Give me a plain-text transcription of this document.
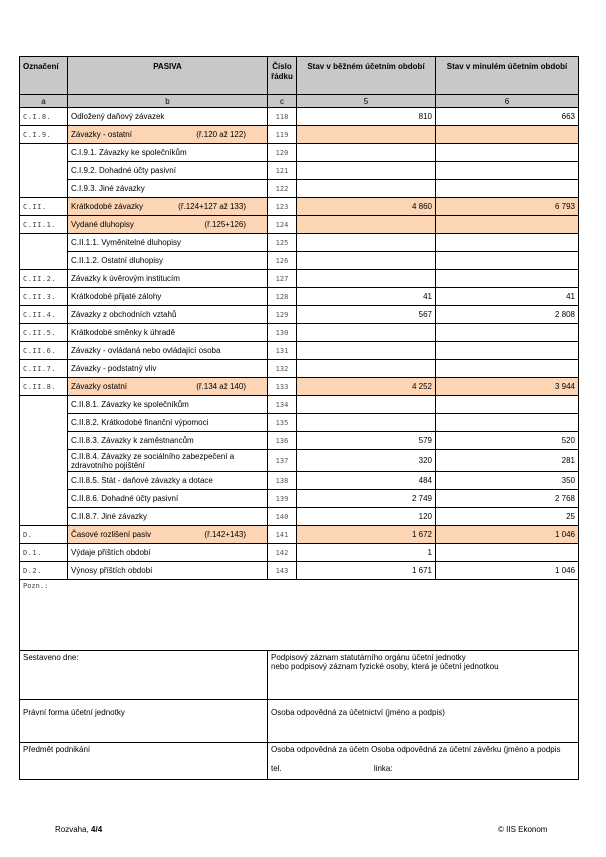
Označení	PASIVA	Číslo řádku	Stav v běžném účetním období	Stav v minulém účetním období
a	b	c	5	6
C.I.8.	Odložený daňový závazek	118	810	663
C.I.9.	Závazky - ostatní (ř.120 až 122)	119		

	C.I.9.1. Závazky ke společníkům	120		

	C.I.9.2. Dohadné účty pasivní	121		

	C.I.9.3. Jiné závazky	122		
C.II.	Krátkodobé závazky (ř.124+127 až 133)	123	4 860	6 793
C.II.1.	Vydané dluhopisy (ř.125+126)	124		

	C.II.1.1. Vyměnitelné dluhopisy	125		

	C.II.1.2. Ostatní dluhopisy	126		
C.II.2.	Závazky k úvěrovým institucím	127		
C.II.3.	Krátkodobé přijaté zálohy	128	41	41
C.II.4.	Závazky z obchodních vztahů	129	567	2 808
C.II.5.	Krátkodobé směnky k úhradě	130		
C.II.6.	Závazky - ovládaná nebo ovládající osoba	131		
C.II.7.	Závazky - podstatný vliv	132		
C.II.8.	Závazky ostatní (ř.134 až 140)	133	4 252	3 944

	C.II.8.1. Závazky ke společníkům	134		

	C.II.8.2. Krátkodobé finanční výpomoci	135		

	C.II.8.3. Závazky k zaměstnancům	136	579	520

	C.II.8.4. Závazky ze sociálního zabezpečení a zdravotního pojištění	137	320	281

	C.II.8.5. Stát - daňové závazky a dotace	138	484	350

	C.II.8.6. Dohadné účty pasivní	139	2 749	2 768

	C.II.8.7. Jiné závazky	140	120	25
D.	Časové rozlišení pasiv (ř.142+143)	141	1 672	1 046
D.1.	Výdaje příštích období	142	1	
D.2.	Výnosy příštích období	143	1 671	1 046
Pozn.:	
Sestaveno dne:	Podpisový záznam statutárního orgánu účetní jednotky
nebo podpisový záznam fyzické osoby, která je účetní jednotkou

Právní forma účetní jednotky	Osoba odpovědná za účetnictví (jméno a podpis)
Předmět podnikání	Osoba odpovědná za účetn Osoba odpovědná za účetní závěrku (jméno a podpis
tel. linka:
Rozvaha, 4/4	© IIS Ekonom
